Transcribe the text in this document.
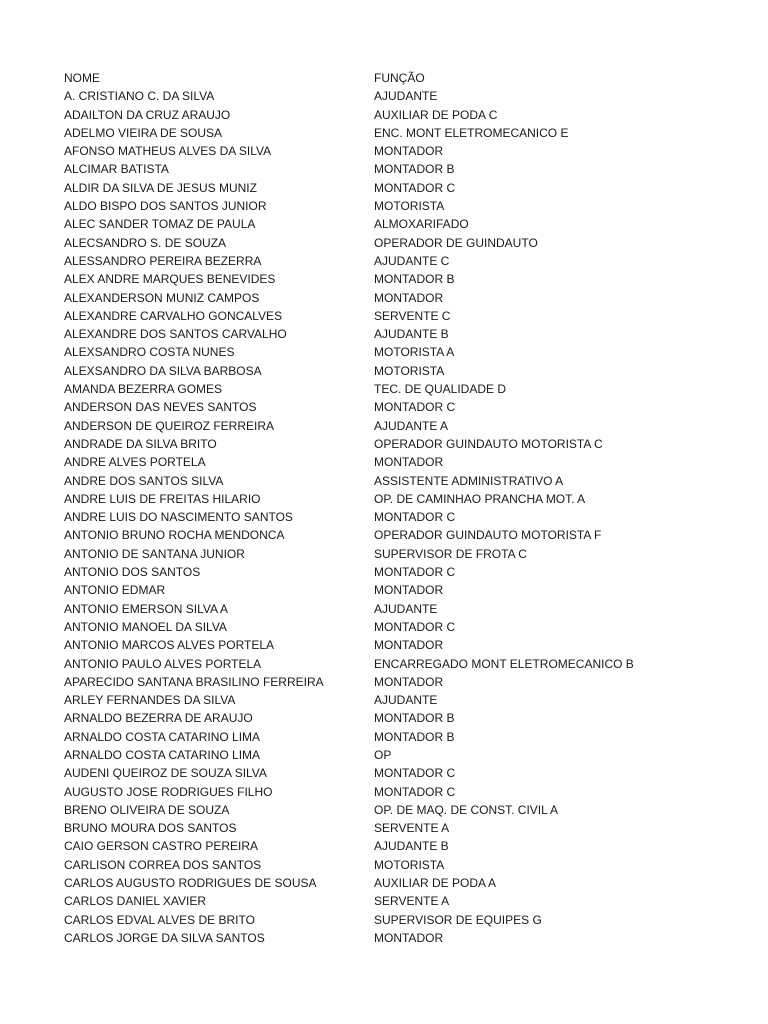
NOME	FUNÇÃO
A. CRISTIANO C. DA SILVA	AJUDANTE
ADAILTON DA CRUZ ARAUJO	AUXILIAR DE PODA C
ADELMO VIEIRA DE SOUSA	ENC. MONT ELETROMECANICO E
AFONSO MATHEUS ALVES DA SILVA	MONTADOR
ALCIMAR BATISTA	MONTADOR B
ALDIR DA SILVA DE JESUS MUNIZ	MONTADOR C
ALDO BISPO DOS SANTOS JUNIOR	MOTORISTA
ALEC SANDER TOMAZ DE PAULA	ALMOXARIFADO
ALECSANDRO S. DE SOUZA	OPERADOR DE GUINDAUTO
ALESSANDRO PEREIRA BEZERRA	AJUDANTE C
ALEX ANDRE MARQUES BENEVIDES	MONTADOR B
ALEXANDERSON MUNIZ CAMPOS	MONTADOR
ALEXANDRE CARVALHO GONCALVES	SERVENTE C
ALEXANDRE DOS SANTOS CARVALHO	AJUDANTE B
ALEXSANDRO COSTA NUNES	MOTORISTA A
ALEXSANDRO DA SILVA BARBOSA	MOTORISTA
AMANDA BEZERRA GOMES	TEC. DE QUALIDADE D
ANDERSON DAS NEVES SANTOS	MONTADOR C
ANDERSON DE QUEIROZ FERREIRA	AJUDANTE A
ANDRADE DA SILVA BRITO	OPERADOR GUINDAUTO MOTORISTA C
ANDRE ALVES PORTELA	MONTADOR
ANDRE DOS SANTOS SILVA	ASSISTENTE ADMINISTRATIVO A
ANDRE LUIS DE FREITAS HILARIO	OP. DE CAMINHAO PRANCHA MOT. A
ANDRE LUIS DO NASCIMENTO SANTOS	MONTADOR C
ANTONIO BRUNO ROCHA MENDONCA	OPERADOR GUINDAUTO MOTORISTA F
ANTONIO DE SANTANA JUNIOR	SUPERVISOR DE FROTA C
ANTONIO DOS SANTOS	MONTADOR C
ANTONIO EDMAR	MONTADOR
ANTONIO EMERSON SILVA A	AJUDANTE
ANTONIO MANOEL DA SILVA	MONTADOR C
ANTONIO MARCOS ALVES PORTELA	MONTADOR
ANTONIO PAULO ALVES PORTELA	ENCARREGADO MONT ELETROMECANICO B
APARECIDO SANTANA BRASILINO FERREIRA	MONTADOR
ARLEY FERNANDES DA SILVA	AJUDANTE
ARNALDO BEZERRA DE ARAUJO	MONTADOR B
ARNALDO COSTA CATARINO LIMA	MONTADOR B
ARNALDO COSTA CATARINO LIMA	OP
AUDENI QUEIROZ DE SOUZA SILVA	MONTADOR C
AUGUSTO JOSE RODRIGUES FILHO	MONTADOR C
BRENO OLIVEIRA DE SOUZA	OP. DE MAQ. DE CONST. CIVIL A
BRUNO MOURA DOS SANTOS	SERVENTE A
CAIO GERSON CASTRO PEREIRA	AJUDANTE B
CARLISON CORREA DOS SANTOS	MOTORISTA
CARLOS AUGUSTO RODRIGUES DE SOUSA	AUXILIAR DE PODA A
CARLOS DANIEL XAVIER	SERVENTE A
CARLOS EDVAL ALVES DE BRITO	SUPERVISOR DE EQUIPES G
CARLOS JORGE DA SILVA SANTOS	MONTADOR
